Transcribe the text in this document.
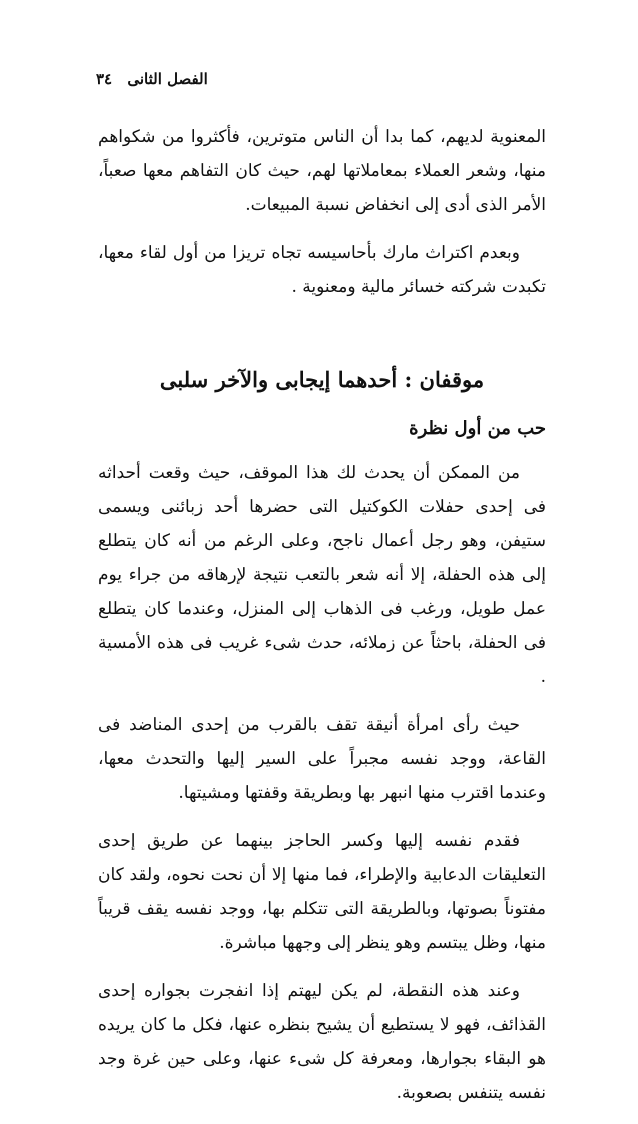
الفصل الثانى ٣٤

المعنوية لديهم، كما بدا أن الناس متوترين، فأكثروا من شكواهم منها، وشعر العملاء بمعاملاتها لهم، حيث كان التفاهم معها صعباً، الأمر الذى أدى إلى انخفاض نسبة المبيعات.

وبعدم اكتراث مارك بأحاسيسه تجاه تريزا من أول لقاء معها، تكبدت شركته خسائر مالية ومعنوية .

موقفان : أحدهما إيجابى والآخر سلبى
حب من أول نظرة

من الممكن أن يحدث لك هذا الموقف، حيث وقعت أحداثه فى إحدى حفلات الكوكتيل التى حضرها أحد زبائنى ويسمى ستيفن، وهو رجل أعمال ناجح، وعلى الرغم من أنه كان يتطلع إلى هذه الحفلة، إلا أنه شعر بالتعب نتيجة لإرهاقه من جراء يوم عمل طويل، ورغب فى الذهاب إلى المنزل، وعندما كان يتطلع فى الحفلة، باحثاً عن زملائه، حدث شىء غريب فى هذه الأمسية .

حيث رأى امرأة أنيقة تقف بالقرب من إحدى المناضد فى القاعة، ووجد نفسه مجبراً على السير إليها والتحدث معها، وعندما اقترب منها انبهر بها وبطريقة وقفتها ومشيتها.

فقدم نفسه إليها وكسر الحاجز بينهما عن طريق إحدى التعليقات الدعابية والإطراء، فما منها إلا أن نحت نحوه، ولقد كان مفتوناً بصوتها، وبالطريقة التى تتكلم بها، ووجد نفسه يقف قريباً منها، وظل يبتسم وهو ينظر إلى وجهها مباشرة.

وعند هذه النقطة، لم يكن ليهتم إذا انفجرت بجواره إحدى القذائف، فهو لا يستطيع أن يشيح بنظره عنها، فكل ما كان يريده هو البقاء بجوارها، ومعرفة كل شىء عنها، وعلى حين غرة وجد نفسه يتنفس بصعوبة.
